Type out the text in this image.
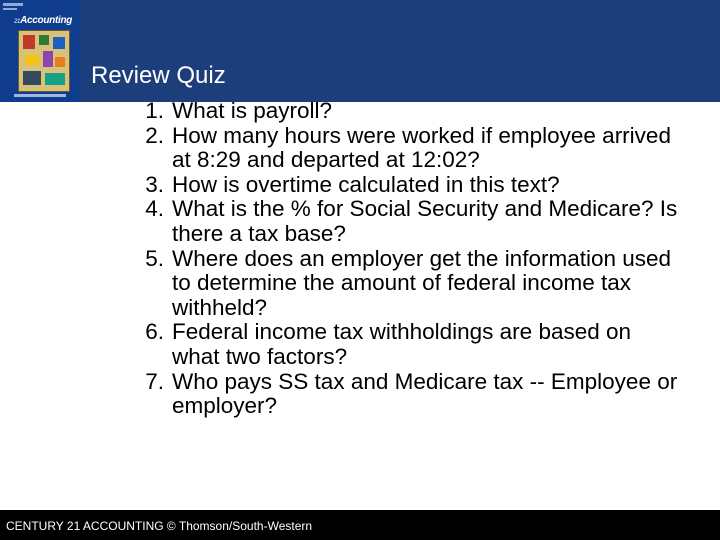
21Accounting
Review Quiz
1. What is payroll?
2. How many hours were worked if employee arrived at 8:29 and departed at 12:02?
3. How is overtime calculated in this text?
4. What is the % for Social Security and Medicare? Is there a tax base?
5. Where does an employer get the information used to determine the amount of federal income tax withheld?
6. Federal income tax withholdings are based on what two factors?
7. Who pays SS tax and Medicare tax -- Employee or employer?
CENTURY 21 ACCOUNTING © Thomson/South-Western
